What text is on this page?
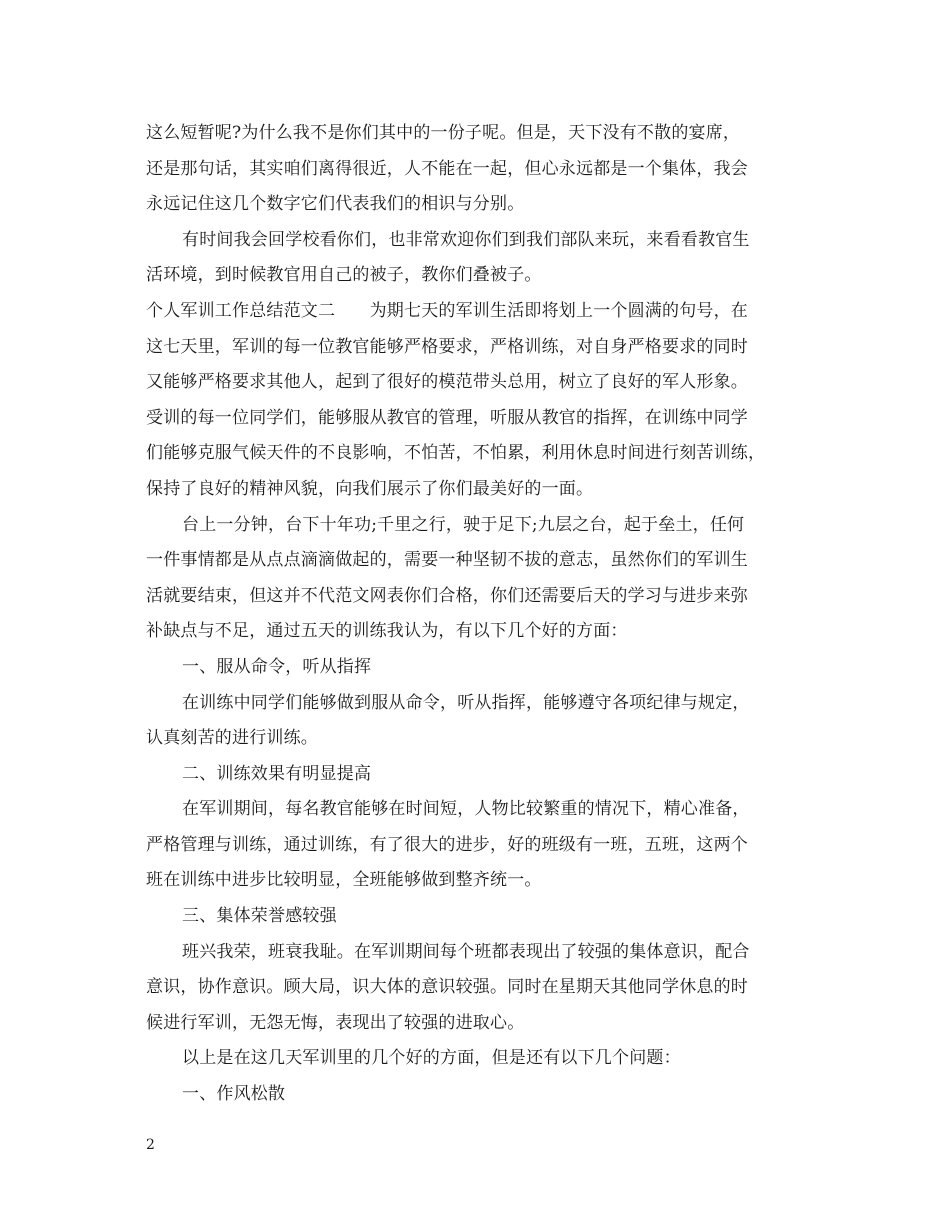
这么短暂呢?为什么我不是你们其中的一份子呢。但是，天下没有不散的宴席，
还是那句话，其实咱们离得很近，人不能在一起，但心永远都是一个集体，我会
永远记住这几个数字它们代表我们的相识与分别。
有时间我会回学校看你们，也非常欢迎你们到我们部队来玩，来看看教官生
活环境，到时候教官用自己的被子，教你们叠被子。
个人军训工作总结范文二　　为期七天的军训生活即将划上一个圆满的句号，在
这七天里，军训的每一位教官能够严格要求，严格训练，对自身严格要求的同时
又能够严格要求其他人，起到了很好的模范带头总用，树立了良好的军人形象。
受训的每一位同学们，能够服从教官的管理，听服从教官的指挥，在训练中同学
们能够克服气候天件的不良影响，不怕苦，不怕累，利用休息时间进行刻苦训练，
保持了良好的精神风貌，向我们展示了你们最美好的一面。
台上一分钟，台下十年功;千里之行，驶于足下;九层之台，起于垒土，任何
一件事情都是从点点滴滴做起的，需要一种坚韧不拔的意志，虽然你们的军训生
活就要结束，但这并不代范文网表你们合格，你们还需要后天的学习与进步来弥
补缺点与不足，通过五天的训练我认为，有以下几个好的方面：
一、服从命令，听从指挥
在训练中同学们能够做到服从命令，听从指挥，能够遵守各项纪律与规定，
认真刻苦的进行训练。
二、训练效果有明显提高
在军训期间，每名教官能够在时间短，人物比较繁重的情况下，精心准备，
严格管理与训练，通过训练，有了很大的进步，好的班级有一班，五班，这两个
班在训练中进步比较明显，全班能够做到整齐统一。
三、集体荣誉感较强
班兴我荣，班衰我耻。在军训期间每个班都表现出了较强的集体意识，配合
意识，协作意识。顾大局，识大体的意识较强。同时在星期天其他同学休息的时
候进行军训，无怨无悔，表现出了较强的进取心。
以上是在这几天军训里的几个好的方面，但是还有以下几个问题：
一、作风松散
2
